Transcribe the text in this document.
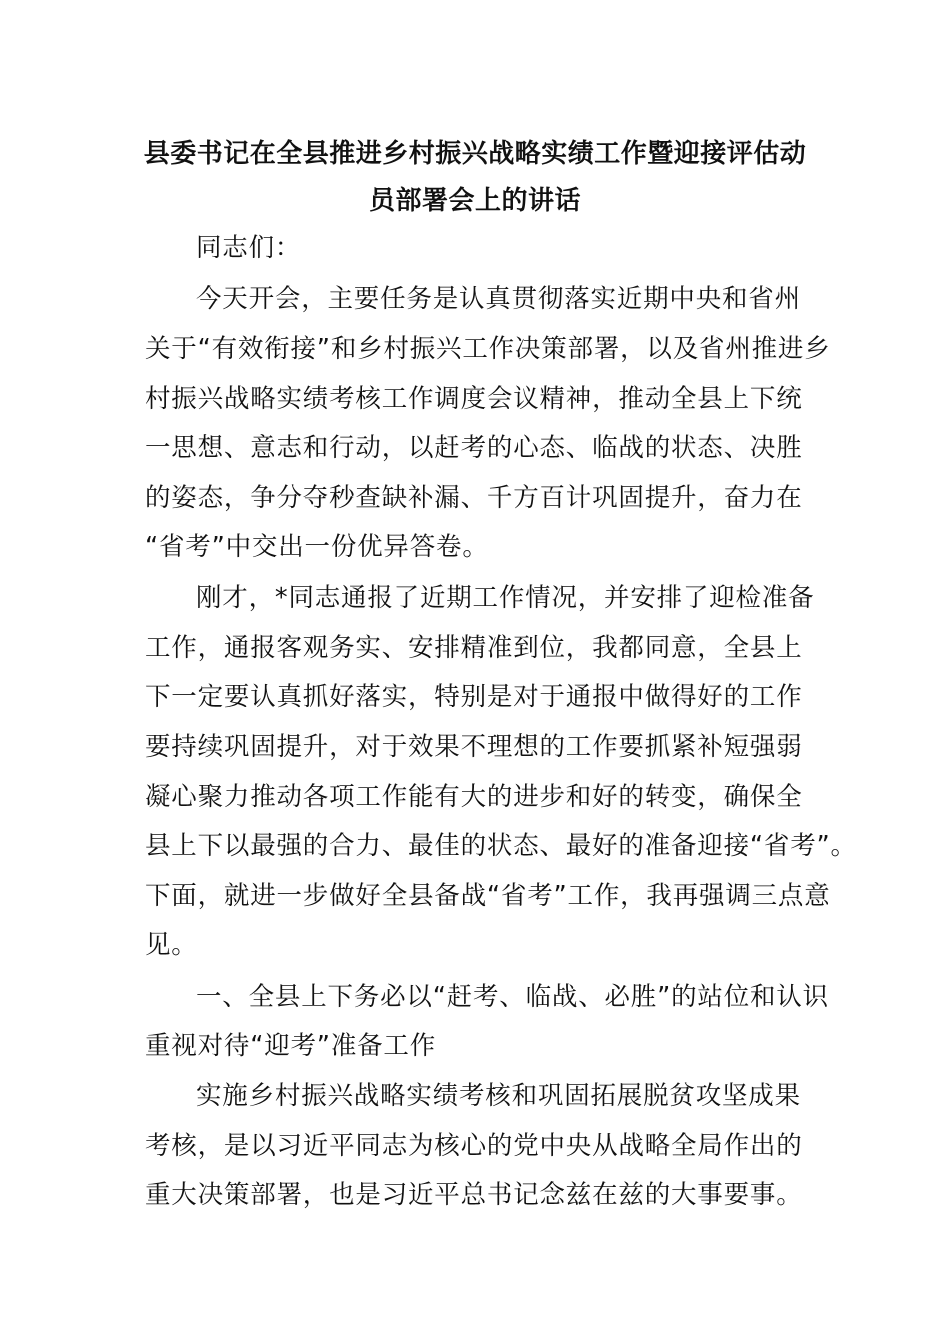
县委书记在全县推进乡村振兴战略实绩工作暨迎接评估动
员部署会上的讲话
同志们：
今天开会，主要任务是认真贯彻落实近期中央和省州
关于“有效衔接”和乡村振兴工作决策部署，以及省州推进乡
村振兴战略实绩考核工作调度会议精神，推动全县上下统
一思想、意志和行动，以赶考的心态、临战的状态、决胜
的姿态，争分夺秒查缺补漏、千方百计巩固提升，奋力在
“省考”中交出一份优异答卷。
刚才，*同志通报了近期工作情况，并安排了迎检准备
工作，通报客观务实、安排精准到位，我都同意，全县上
下一定要认真抓好落实，特别是对于通报中做得好的工作
要持续巩固提升，对于效果不理想的工作要抓紧补短强弱
凝心聚力推动各项工作能有大的进步和好的转变，确保全
县上下以最强的合力、最佳的状态、最好的准备迎接“省考”。
下面，就进一步做好全县备战“省考”工作，我再强调三点意
见。
一、全县上下务必以“赶考、临战、必胜”的站位和认识
重视对待“迎考”准备工作
实施乡村振兴战略实绩考核和巩固拓展脱贫攻坚成果
考核，是以习近平同志为核心的党中央从战略全局作出的
重大决策部署，也是习近平总书记念兹在兹的大事要事。
